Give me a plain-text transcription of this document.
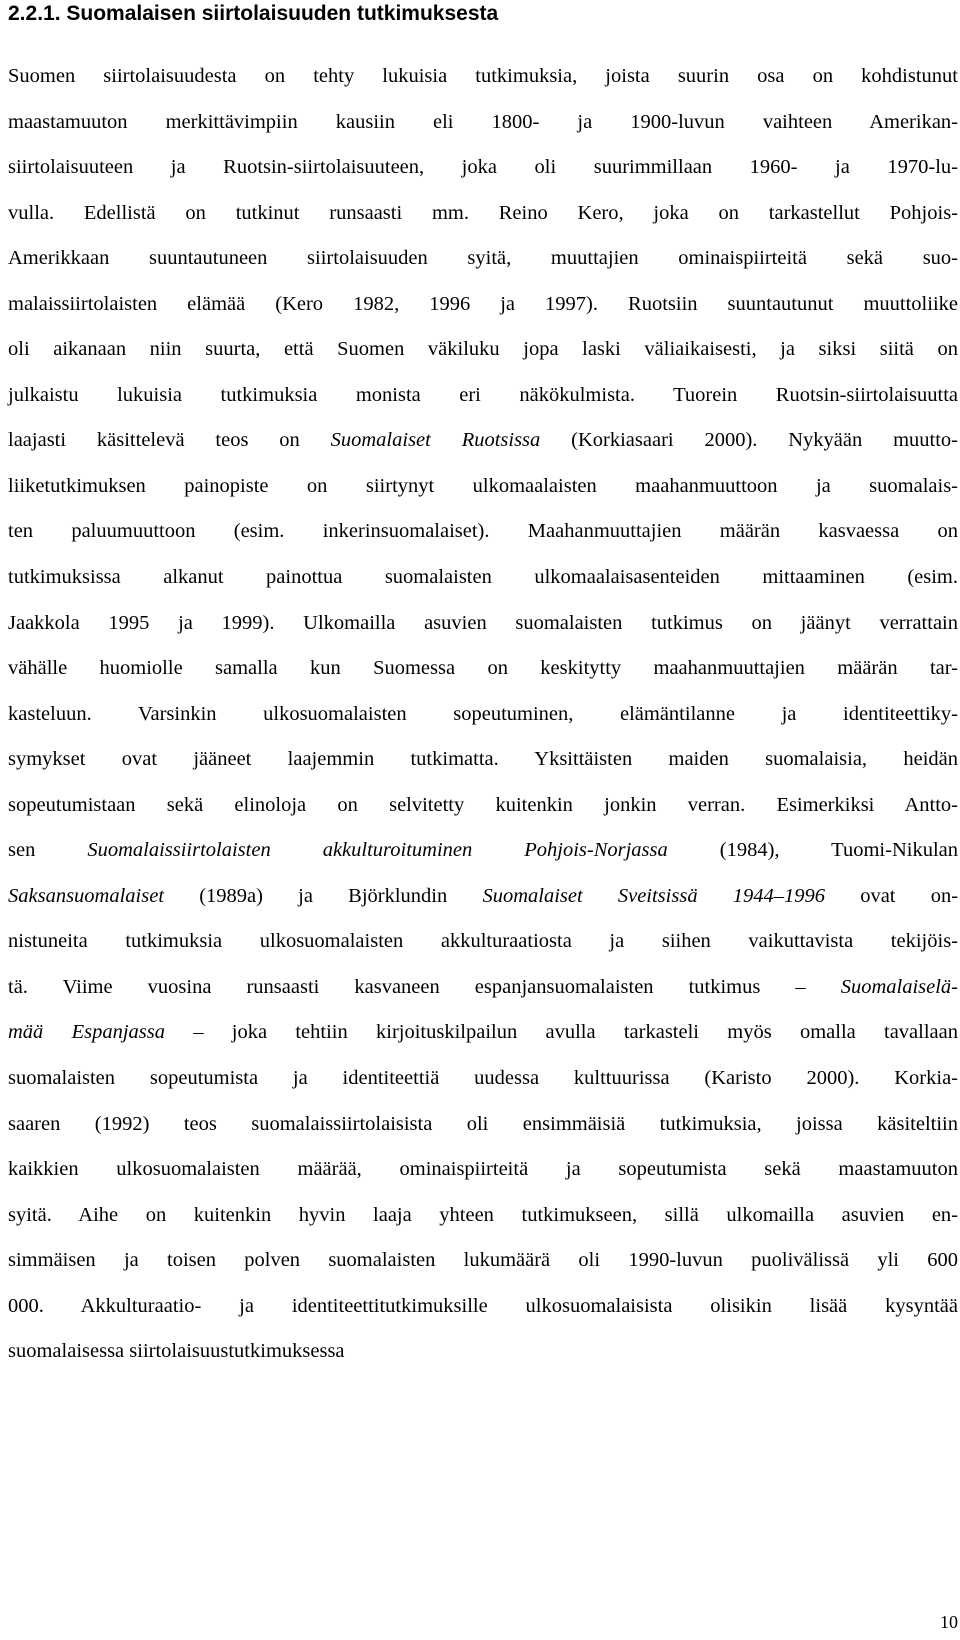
2.2.1. Suomalaisen siirtolaisuuden tutkimuksesta
Suomen siirtolaisuudesta on tehty lukuisia tutkimuksia, joista suurin osa on kohdistunut
maastamuuton merkittävimpiin kausiin eli 1800- ja 1900-luvun vaihteen Amerikan-
siirtolaisuuteen ja Ruotsin-siirtolaisuuteen, joka oli suurimmillaan 1960- ja 1970-lu-
vulla. Edellistä on tutkinut runsaasti mm. Reino Kero, joka on tarkastellut Pohjois-
Amerikkaan suuntautuneen siirtolaisuuden syitä, muuttajien ominaispiirteitä sekä suo-
malaissiirtolaisten elämää (Kero 1982, 1996 ja 1997). Ruotsiin suuntautunut muuttoliike
oli aikanaan niin suurta, että Suomen väkiluku jopa laski väliaikaisesti, ja siksi siitä on
julkaistu lukuisia tutkimuksia monista eri näkökulmista. Tuorein Ruotsin-siirtolaisuutta
laajasti käsittelevä teos on Suomalaiset Ruotsissa (Korkiasaari 2000). Nykyään muutto-
liiketutkimuksen painopiste on siirtynyt ulkomaalaisten maahanmuuttoon ja suomalais-
ten paluumuuttoon (esim. inkerinsuomalaiset). Maahanmuuttajien määrän kasvaessa on
tutkimuksissa alkanut painottua suomalaisten ulkomaalaisasenteiden mittaaminen (esim.
Jaakkola 1995 ja 1999). Ulkomailla asuvien suomalaisten tutkimus on jäänyt verrattain
vähälle huomiolle samalla kun Suomessa on keskitytty maahanmuuttajien määrän tar-
kasteluun. Varsinkin ulkosuomalaisten sopeutuminen, elämäntilanne ja identiteettiky-
symykset ovat jääneet laajemmin tutkimatta. Yksittäisten maiden suomalaisia, heidän
sopeutumistaan sekä elinoloja on selvitetty kuitenkin jonkin verran. Esimerkiksi Antto-
sen Suomalaissiirtolaisten akkulturoituminen Pohjois-Norjassa (1984), Tuomi-Nikulan
Saksansuomalaiset (1989a) ja Björklundin Suomalaiset Sveitsissä 1944–1996 ovat on-
nistuneita tutkimuksia ulkosuomalaisten akkulturaatiosta ja siihen vaikuttavista tekijöis-
tä. Viime vuosina runsaasti kasvaneen espanjansuomalaisten tutkimus – Suomalaiselä-
mää Espanjassa – joka tehtiin kirjoituskilpailun avulla tarkasteli myös omalla tavallaan
suomalaisten sopeutumista ja identiteettiä uudessa kulttuurissa (Karisto 2000). Korkia-
saaren (1992) teos suomalaissiirtolaisista oli ensimmäisiä tutkimuksia, joissa käsiteltiin
kaikkien ulkosuomalaisten määrää, ominaispiirteitä ja sopeutumista sekä maastamuuton
syitä. Aihe on kuitenkin hyvin laaja yhteen tutkimukseen, sillä ulkomailla asuvien en-
simmäisen ja toisen polven suomalaisten lukumäärä oli 1990-luvun puolivälissä yli 600
000. Akkulturaatio- ja identiteettitutkimuksille ulkosuomalaisista olisikin lisää kysyntää
suomalaisessa siirtolaisuustutkimuksessa
10
